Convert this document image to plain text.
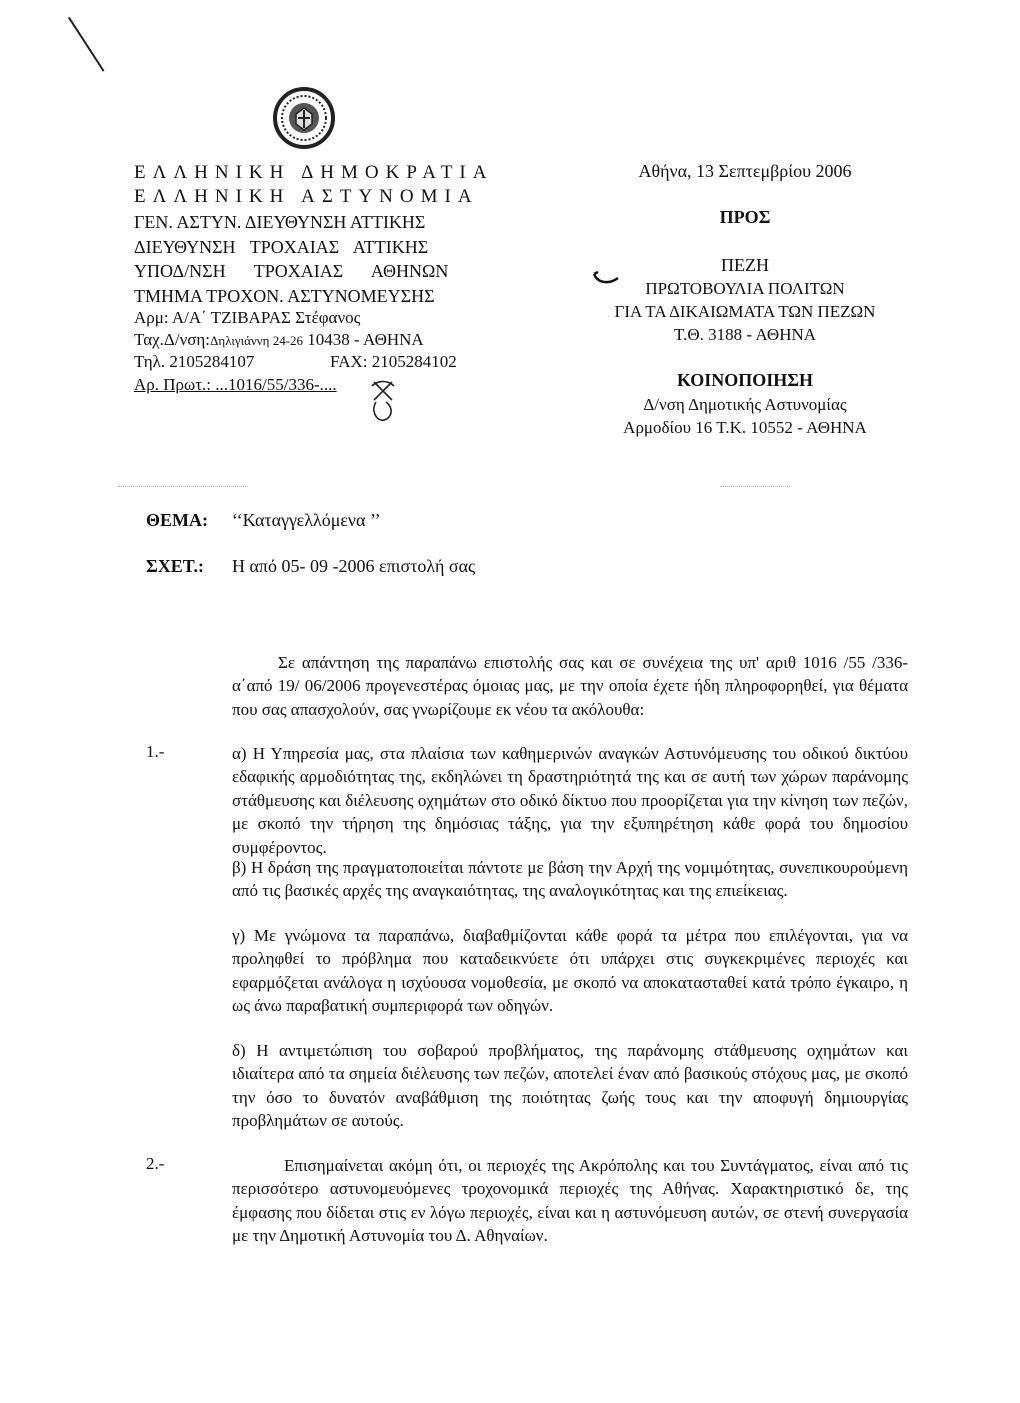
ΕΛΛΗΝΙΚΗ ΔΗΜΟΚΡΑΤΙΑ
ΕΛΛΗΝΙΚΗ ΑΣΤΥΝΟΜΙΑ
ΓΕΝ. ΑΣΤΥΝ. ΔΙΕΥΘΥΝΣΗ ΑΤΤΙΚΗΣ
ΔΙΕΥΘΥΝΣΗ ΤΡΟΧΑΙΑΣ ΑΤΤΙΚΗΣ
ΥΠΟΔ/ΝΣΗ ΤΡΟΧΑΙΑΣ ΑΘΗΝΩΝ
ΤΜΗΜΑ ΤΡΟΧΟΝ. ΑΣΤΥΝΟΜΕΥΣΗΣ
Αρμ: Α/Α΄ ΤΖΙΒΑΡΑΣ Στέφανος
Ταχ.Δ/νση:Δηλιγιάννη 24-26 10438 - ΑΘΗΝΑ
Τηλ. 2105284107	FAX: 2105284102
Αρ. Πρωτ.: ...1016/55/336-....
Αθήνα, 13 Σεπτεμβρίου 2006
ΠΡΟΣ
ΠΕΖΗ
ΠΡΩΤΟΒΟΥΛΙΑ ΠΟΛΙΤΩΝ
ΓΙΑ ΤΑ ΔΙΚΑΙΩΜΑΤΑ ΤΩΝ ΠΕΖΩΝ
Τ.Θ. 3188 - ΑΘΗΝΑ
ΚΟΙΝΟΠΟΙΗΣΗ
Δ/νση Δημοτικής Αστυνομίας
Αρμοδίου 16 Τ.Κ. 10552 - ΑΘΗΝΑ
ΘΕΜΑ: ‘‘Καταγγελλόμενα ’’
ΣΧΕΤ.: Η από 05- 09 -2006 επιστολή σας
Σε απάντηση της παραπάνω επιστολής σας και σε συνέχεια της υπ' αριθ 1016 /55 /336-α΄από 19/ 06/2006 προγενεστέρας όμοιας μας, με την οποία έχετε ήδη πληροφορηθεί, για θέματα που σας απασχολούν, σας γνωρίζουμε εκ νέου τα ακόλουθα:
1.-	α) Η Υπηρεσία μας, στα πλαίσια των καθημερινών αναγκών Αστυνόμευσης του οδικού δικτύου εδαφικής αρμοδιότητας της, εκδηλώνει τη δραστηριότητά της και σε αυτή των χώρων παράνομης στάθμευσης και διέλευσης οχημάτων στο οδικό δίκτυο που προορίζεται για την κίνηση των πεζών, με σκοπό την τήρηση της δημόσιας τάξης, για την εξυπηρέτηση κάθε φορά του δημοσίου συμφέροντος.
β) Η δράση της πραγματοποιείται πάντοτε με βάση την Αρχή της νομιμότητας, συνεπικουρούμενη από τις βασικές αρχές της αναγκαιότητας, της αναλογικότητας και της επιείκειας.
γ) Με γνώμονα τα παραπάνω, διαβαθμίζονται κάθε φορά τα μέτρα που επιλέγονται, για να προληφθεί το πρόβλημα που καταδεικνύετε ότι υπάρχει στις συγκεκριμένες περιοχές και εφαρμόζεται ανάλογα η ισχύουσα νομοθεσία, με σκοπό να αποκατασταθεί κατά τρόπο έγκαιρο, η ως άνω παραβατική συμπεριφορά των οδηγών.
δ) Η αντιμετώπιση του σοβαρού προβλήματος, της παράνομης στάθμευσης οχημάτων και ιδιαίτερα από τα σημεία διέλευσης των πεζών, αποτελεί έναν από βασικούς στόχους μας, με σκοπό την όσο το δυνατόν αναβάθμιση της ποιότητας ζωής τους και την αποφυγή δημιουργίας προβλημάτων σε αυτούς.
2.-	Επισημαίνεται ακόμη ότι, οι περιοχές της Ακρόπολης και του Συντάγματος, είναι από τις περισσότερο αστυνομευόμενες τροχονομικά περιοχές της Αθήνας. Χαρακτηριστικό δε, της έμφασης που δίδεται στις εν λόγω περιοχές, είναι και η αστυνόμευση αυτών, σε στενή συνεργασία με την Δημοτική Αστυνομία του Δ. Αθηναίων.
